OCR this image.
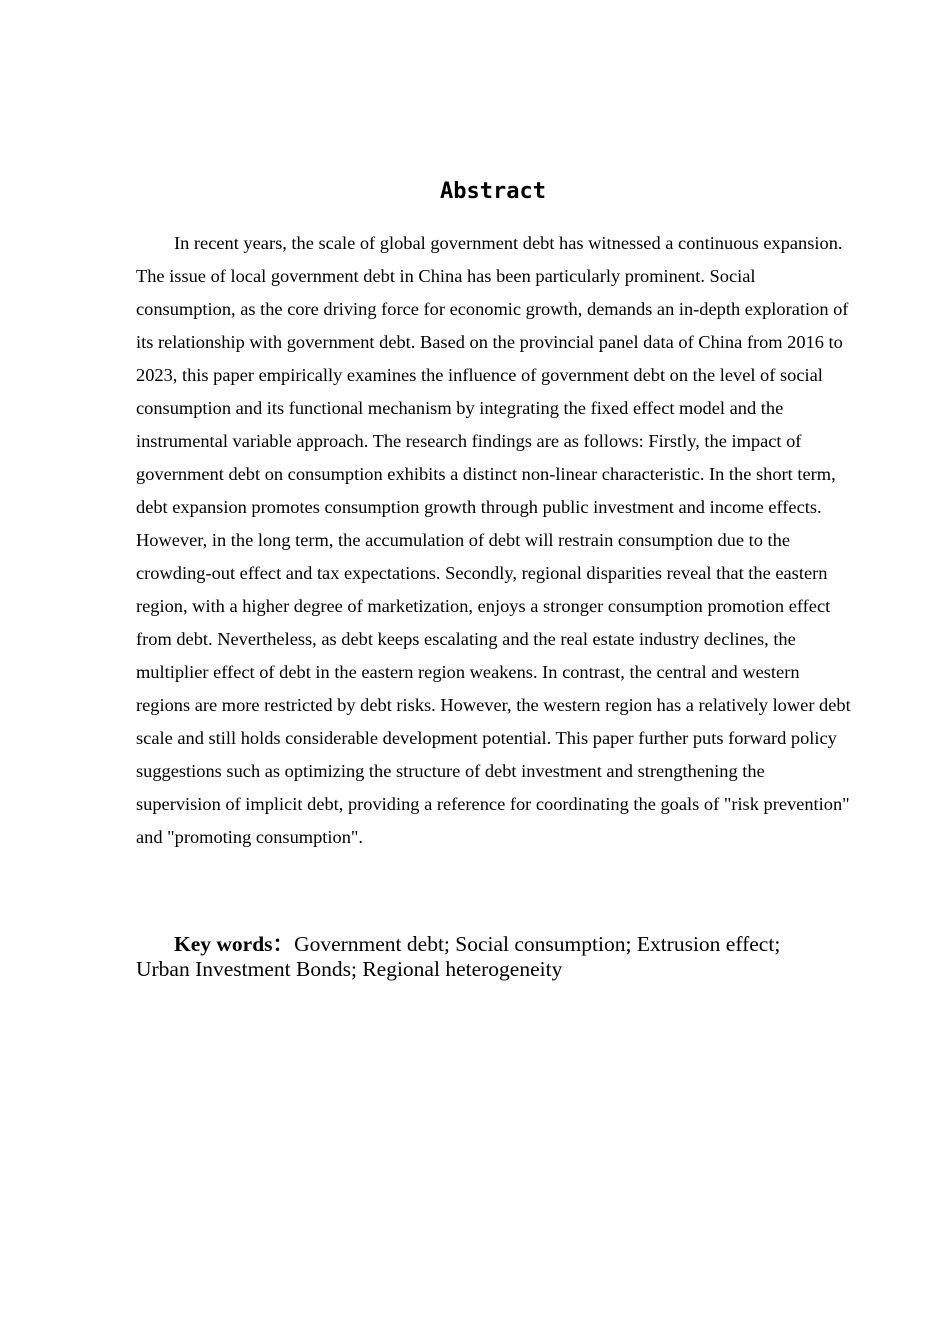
Abstract

In recent years, the scale of global government debt has witnessed a continuous expansion. The issue of local government debt in China has been particularly prominent. Social consumption, as the core driving force for economic growth, demands an in-depth exploration of its relationship with government debt. Based on the provincial panel data of China from 2016 to 2023, this paper empirically examines the influence of government debt on the level of social consumption and its functional mechanism by integrating the fixed effect model and the instrumental variable approach. The research findings are as follows: Firstly, the impact of government debt on consumption exhibits a distinct non-linear characteristic. In the short term, debt expansion promotes consumption growth through public investment and income effects. However, in the long term, the accumulation of debt will restrain consumption due to the crowding-out effect and tax expectations. Secondly, regional disparities reveal that the eastern region, with a higher degree of marketization, enjoys a stronger consumption promotion effect from debt. Nevertheless, as debt keeps escalating and the real estate industry declines, the multiplier effect of debt in the eastern region weakens. In contrast, the central and western regions are more restricted by debt risks. However, the western region has a relatively lower debt scale and still holds considerable development potential. This paper further puts forward policy suggestions such as optimizing the structure of debt investment and strengthening the supervision of implicit debt, providing a reference for coordinating the goals of "risk prevention" and "promoting consumption".

Key words：Government debt; Social consumption; Extrusion effect; Urban Investment Bonds; Regional heterogeneity
